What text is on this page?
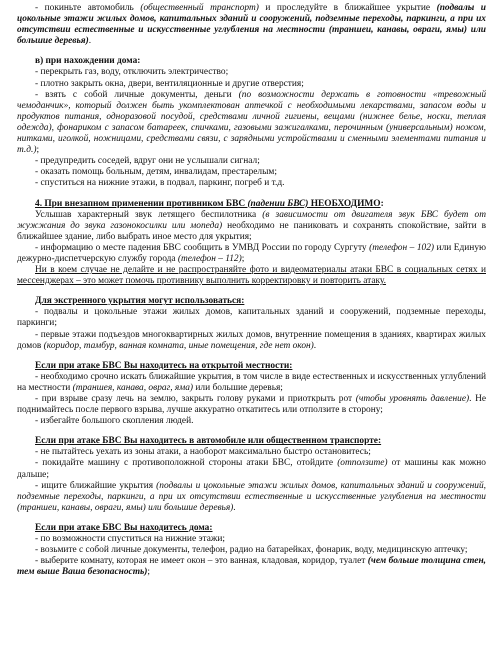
- покиньте автомобиль (общественный транспорт) и проследуйте в ближайшее укрытие (подвалы и цокольные этажи жилых домов, капитальных зданий и сооружений, подземные переходы, паркинги, а при их отсутствии естественные и искусственные углубления на местности (траншеи, канавы, овраги, ямы) или большие деревья).

в) при нахождении дома:

- перекрыть газ, воду, отключить электричество;

- плотно закрыть окна, двери, вентиляционные и другие отверстия;

- взять с собой личные документы, деньги (по возможности держать в готовности «тревожный чемоданчик», который должен быть укомплектован аптечкой с необходимыми лекарствами, запасом воды и продуктов питания, одноразовой посудой, средствами личной гигиены, вещами (нижнее белье, носки, теплая одежда), фонариком с запасом батареек, спичками, газовыми зажигалками, перочинным (универсальным) ножом, нитками, иголкой, ножницами, средствами связи, с зарядными устройствами и сменными элементами питания и т.д.);

- предупредить соседей, вдруг они не услышали сигнал;

- оказать помощь больным, детям, инвалидам, престарелым;

- спуститься на нижние этажи, в подвал, паркинг, погреб и т.д.

4. При внезапном применении противником БВС (падении БВС) НЕОБХОДИМО:

Услышав характерный звук летящего беспилотника (в зависимости от двигателя звук БВС будет от жужжания до звука газонокосилки или мопеда) необходимо не паниковать и сохранять спокойствие, зайти в ближайшее здание, либо выбрать иное место для укрытия;

- информацию о месте падения БВС сообщить в УМВД России по городу Сургуту (телефон – 102) или Единую дежурно-диспетчерскую службу города (телефон – 112);

Ни в коем случае не делайте и не распространяйте фото и видеоматериалы атаки БВС в социальных сетях и мессенджерах – это может помочь противнику выполнить корректировку и повторить атаку.

Для экстренного укрытия могут использоваться:

- подвалы и цокольные этажи жилых домов, капитальных зданий и сооружений, подземные переходы, паркинги;

- первые этажи подъездов многоквартирных жилых домов, внутренние помещения в зданиях, квартирах жилых домов (коридор, тамбур, ванная комната, иные помещения, где нет окон).

Если при атаке БВС Вы находитесь на открытой местности:

- необходимо срочно искать ближайшие укрытия, в том числе в виде естественных и искусственных углублений на местности (траншея, канава, овраг, яма) или большие деревья;

- при взрыве сразу лечь на землю, закрыть голову руками и приоткрыть рот (чтобы уровнять давление). Не поднимайтесь после первого взрыва, лучше аккуратно откатитесь или отползите в сторону;

- избегайте большого скопления людей.

Если при атаке БВС Вы находитесь в автомобиле или общественном транспорте:

- не пытайтесь уехать из зоны атаки, а наоборот максимально быстро остановитесь;

- покидайте машину с противоположной стороны атаки БВС, отойдите (отползите) от машины как можно дальше;

- ищите ближайшие укрытия (подвалы и цокольные этажи жилых домов, капитальных зданий и сооружений, подземные переходы, паркинги, а при их отсутствии естественные и искусственные углубления на местности (траншеи, канавы, овраги, ямы) или большие деревья).

Если при атаке БВС Вы находитесь дома:

- по возможности спуститься на нижние этажи;

- возьмите с собой личные документы, телефон, радио на батарейках, фонарик, воду, медицинскую аптечку;

- выберите комнату, которая не имеет окон – это ванная, кладовая, коридор, туалет (чем больше толщина стен, тем выше Ваша безопасность);
